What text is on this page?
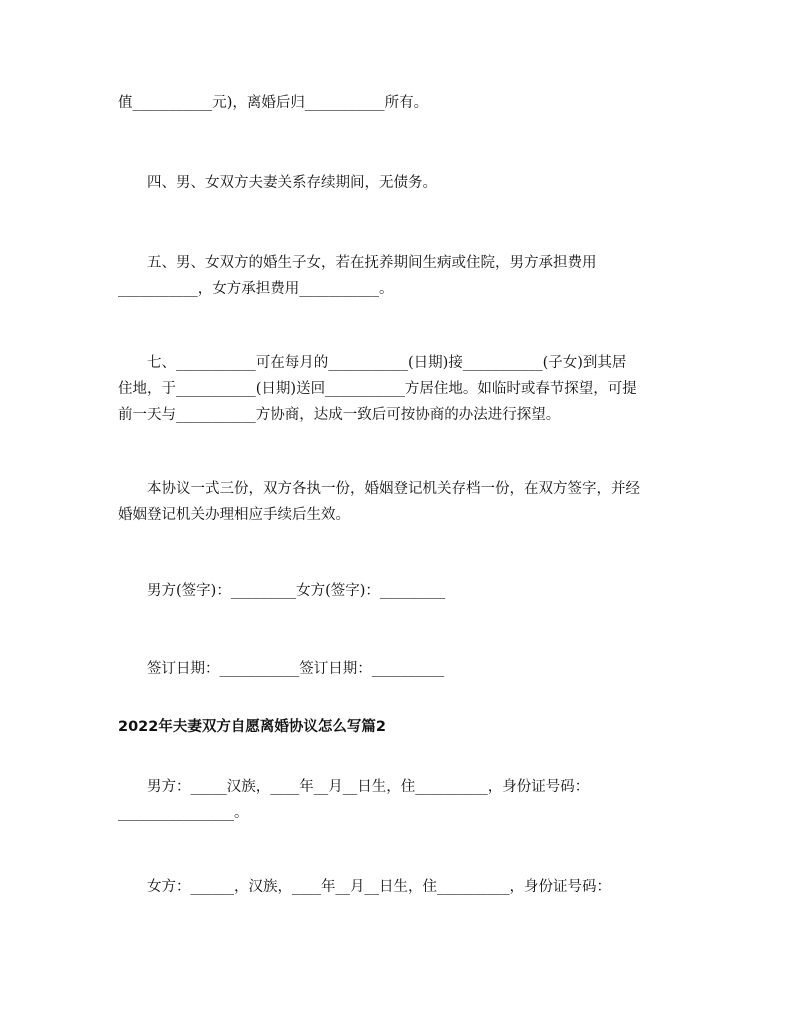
值___________元)，离婚后归___________所有。
　　四、男、女双方夫妻关系存续期间，无债务。
　　五、男、女双方的婚生子女，若在抚养期间生病或住院，男方承担费用
___________，女方承担费用___________。
　　七、___________可在每月的___________(日期)接___________(子女)到其居
住地，于___________(日期)送回___________方居住地。如临时或春节探望，可提
前一天与___________方协商，达成一致后可按协商的办法进行探望。
　　本协议一式三份，双方各执一份，婚姻登记机关存档一份，在双方签字，并经
婚姻登记机关办理相应手续后生效。
　　男方(签字)：_________女方(签字)：_________
　　签订日期：___________签订日期：__________
2022年夫妻双方自愿离婚协议怎么写篇2
　　男方：_____汉族，____年__月__日生，住__________，身份证号码：
________________。
　　女方：______，汉族，____年__月__日生，住__________，身份证号码：
